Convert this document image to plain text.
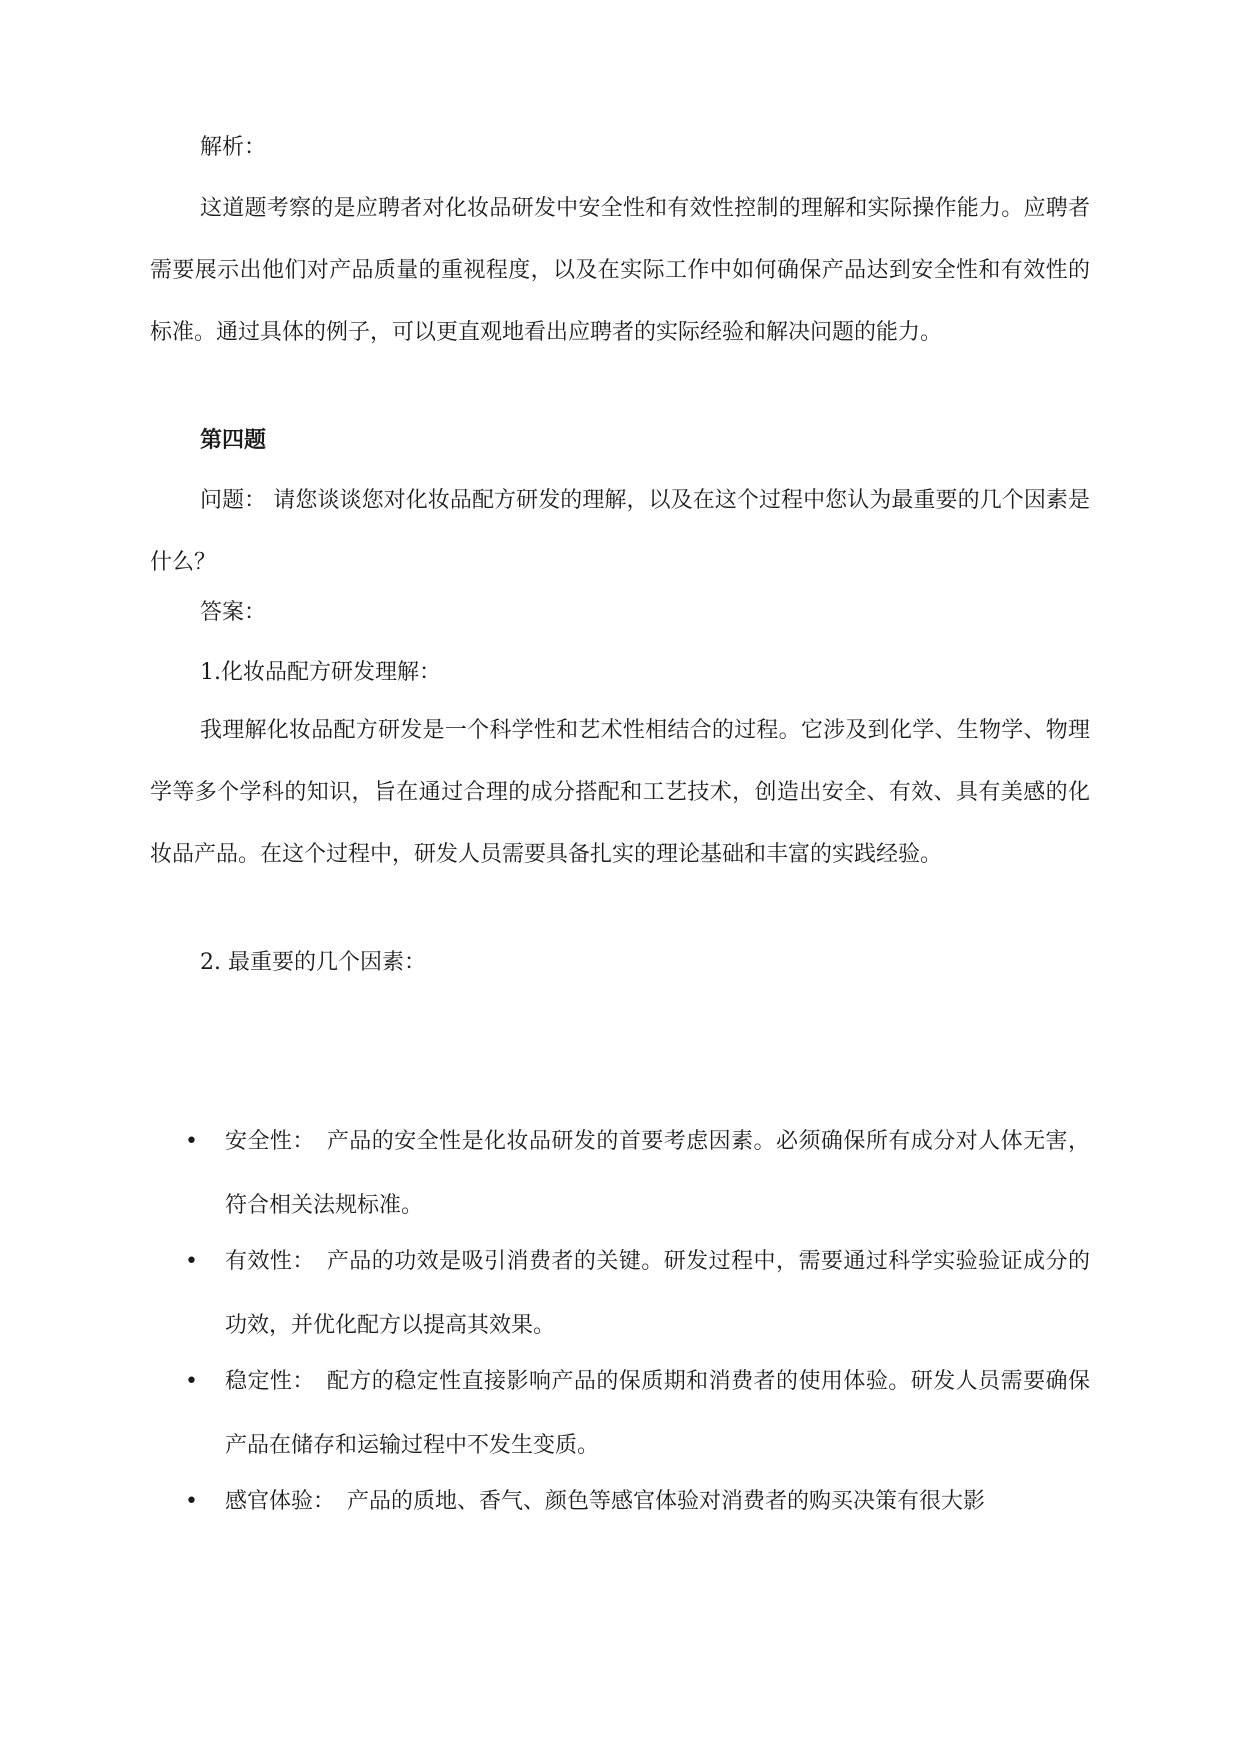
解析：

这道题考察的是应聘者对化妆品研发中安全性和有效性控制的理解和实际操作能力。应聘者需要展示出他们对产品质量的重视程度，以及在实际工作中如何确保产品达到安全性和有效性的标准。通过具体的例子，可以更直观地看出应聘者的实际经验和解决问题的能力。

第四题

问题： 请您谈谈您对化妆品配方研发的理解，以及在这个过程中您认为最重要的几个因素是什么？

答案：

1.化妆品配方研发理解：

我理解化妆品配方研发是一个科学性和艺术性相结合的过程。它涉及到化学、生物学、物理学等多个学科的知识，旨在通过合理的成分搭配和工艺技术，创造出安全、有效、具有美感的化妆品产品。在这个过程中，研发人员需要具备扎实的理论基础和丰富的实践经验。

2. 最重要的几个因素：

• 安全性： 产品的安全性是化妆品研发的首要考虑因素。必须确保所有成分对人体无害，符合相关法规标准。
• 有效性： 产品的功效是吸引消费者的关键。研发过程中，需要通过科学实验验证成分的功效，并优化配方以提高其效果。
• 稳定性： 配方的稳定性直接影响产品的保质期和消费者的使用体验。研发人员需要确保产品在储存和运输过程中不发生变质。
• 感官体验： 产品的质地、香气、颜色等感官体验对消费者的购买决策有很大影
